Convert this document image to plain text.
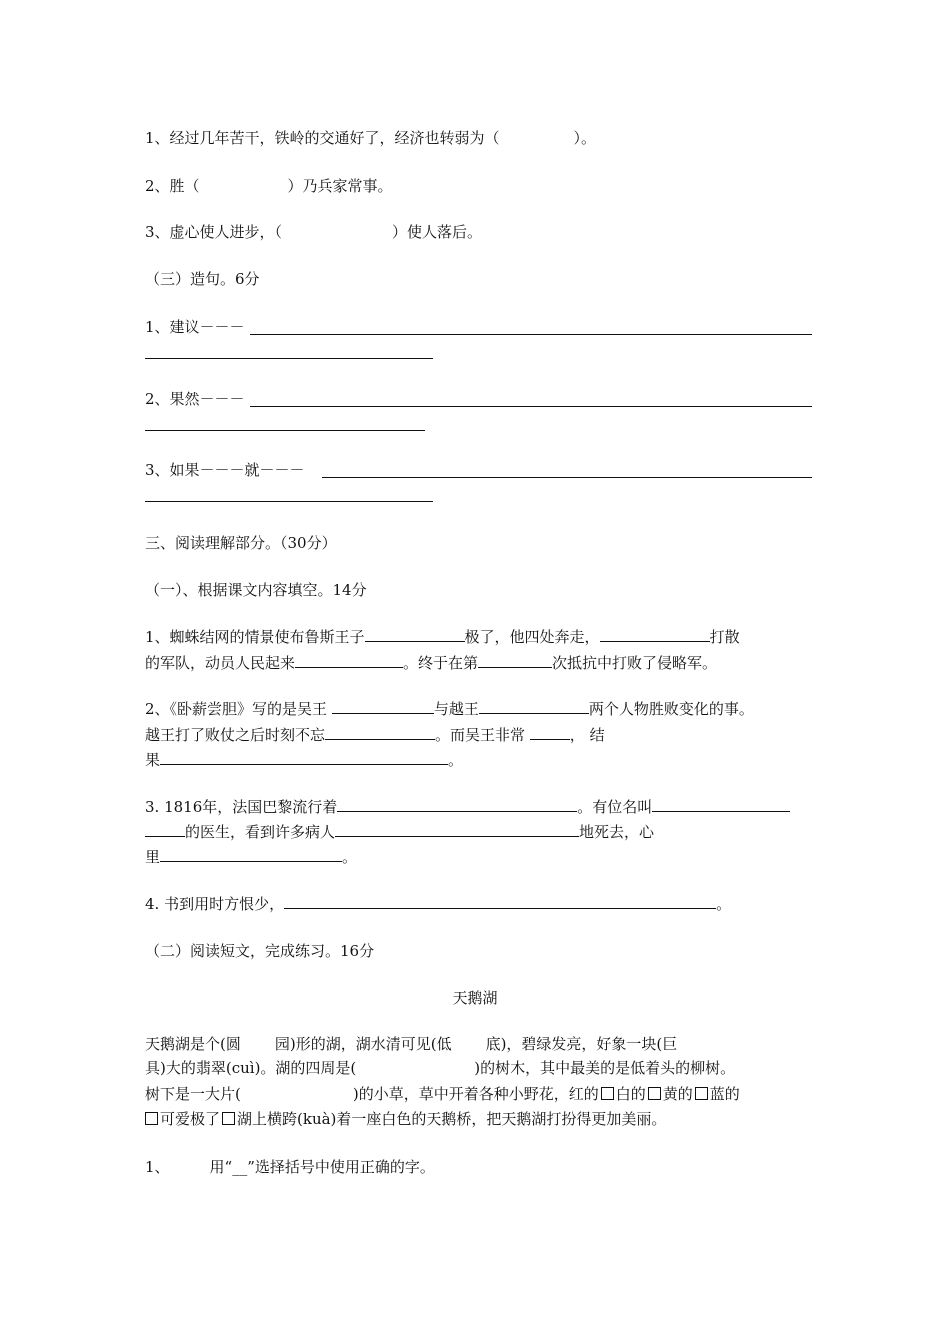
1、经过几年苦干，铁岭的交通好了，经济也转弱为（	）。
2、胜（	）乃兵家常事。
3、虚心使人进步，（	）使人落后。
（三）造句。6分
1、建议－－－
2、果然－－－
3、如果－－－就－－－
三、阅读理解部分。（30分）
（一）、根据课文内容填空。14分
1、蜘蛛结网的情景使布鲁斯王子	极了，他四处奔走，	打散
的军队，动员人民起来	。终于在第	次抵抗中打败了侵略军。
2、《卧薪尝胆》写的是吴王	与越王	两个人物胜败变化的事。
越王打了败仗之后时刻不忘	。而吴王非常	， 结
果	。
3. 1816年，法国巴黎流行着	。有位名叫
的医生，看到许多病人	地死去，心
里	。
4. 书到用时方恨少，	。
（二）阅读短文，完成练习。16分
天鹅湖
天鹅湖是个(圆 园)形的湖，湖水清可见(低 底)，碧绿发亮，好象一块(巨
具)大的翡翠(cuì)。湖的四周是(	)的树木，其中最美的是低着头的柳树。
树下是一大片(	)的小草，草中开着各种小野花，红的 白的 黄的 蓝的
可爱极了 湖上横跨(kuà)着一座白色的天鹅桥，把天鹅湖打扮得更加美丽。
1、	用“__”选择括号中使用正确的字。
